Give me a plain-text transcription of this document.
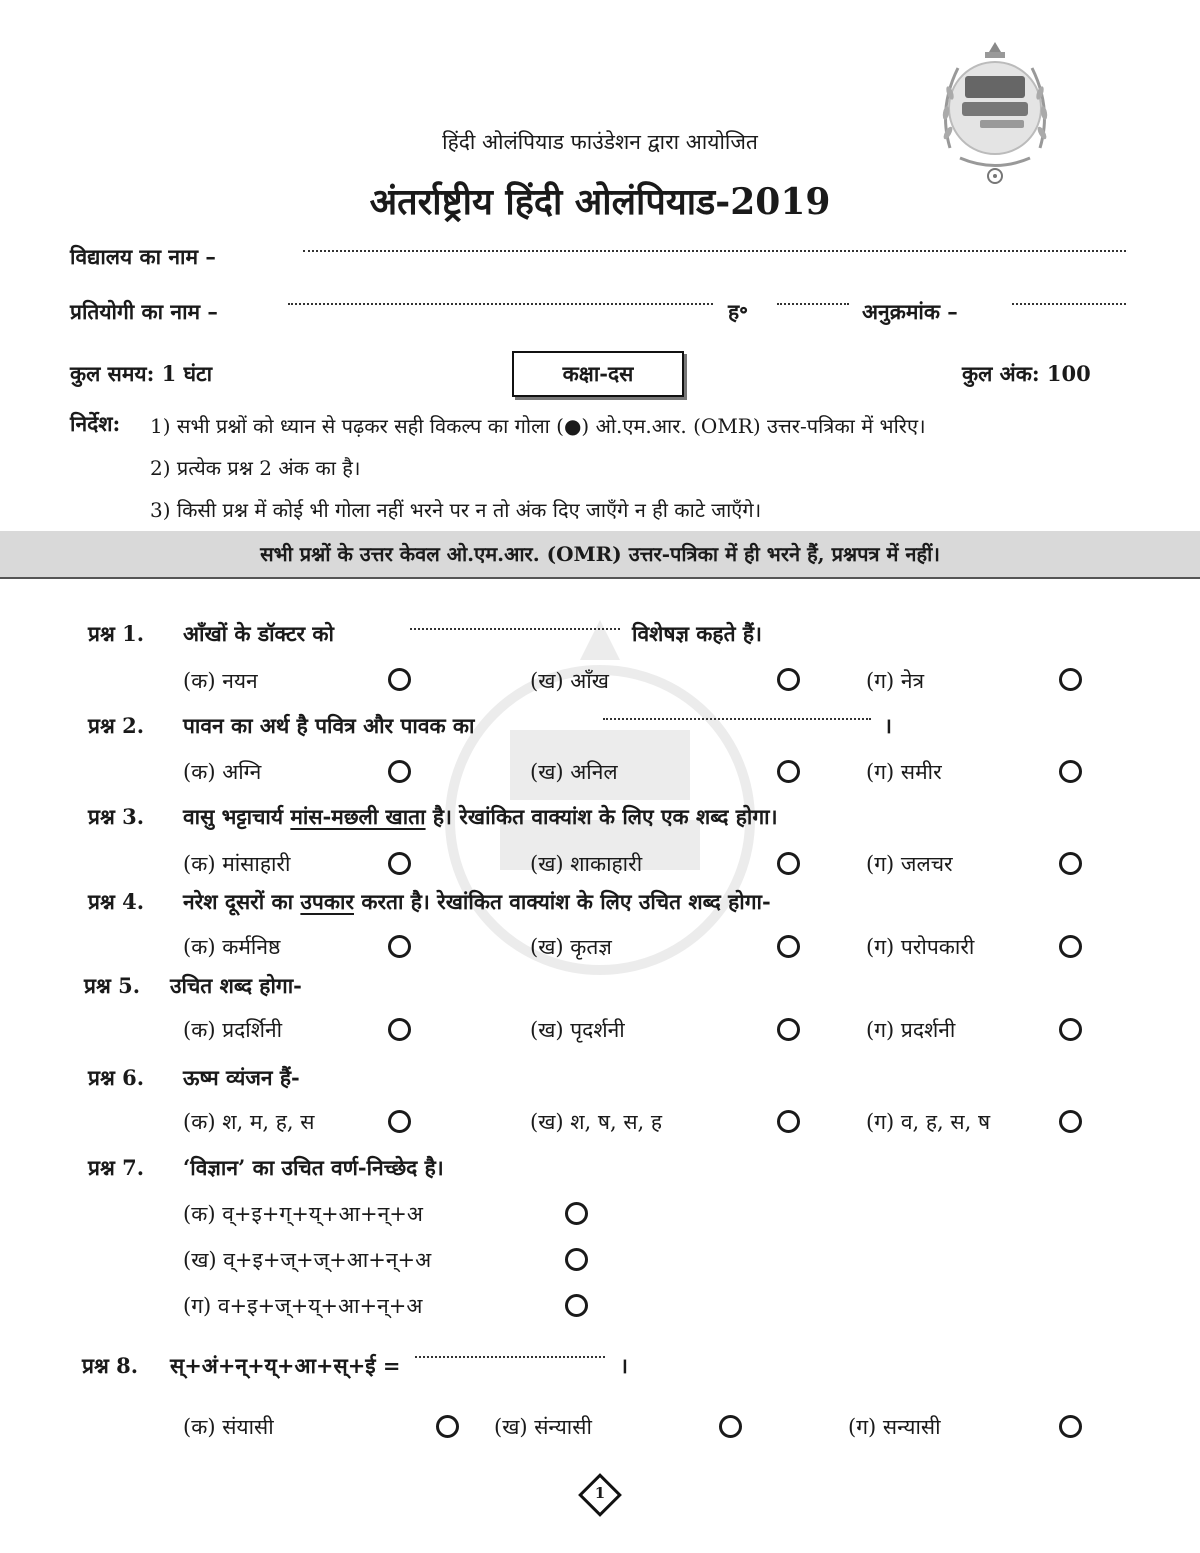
हिंदी ओलंपियाड फाउंडेशन द्वारा आयोजित
अंतर्राष्ट्रीय हिंदी ओलंपियाड-2019
विद्यालय का नाम –
प्रतियोगी का नाम –	ह॰	अनुक्रमांक –
कुल समय: 1 घंटा	कक्षा-दस	कुल अंक: 100
निर्देश: 1) सभी प्रश्नों को ध्यान से पढ़कर सही विकल्प का गोला (●) ओ.एम.आर. (OMR) उत्तर-पत्रिका में भरिए।
2) प्रत्येक प्रश्न 2 अंक का है।
3) किसी प्रश्न में कोई भी गोला नहीं भरने पर न तो अंक दिए जाएँगे न ही काटे जाएँगे।
सभी प्रश्नों के उत्तर केवल ओ.एम.आर. (OMR) उत्तर-पत्रिका में ही भरने हैं, प्रश्नपत्र में नहीं।
प्रश्न 1. आँखों के डॉक्टर को	विशेषज्ञ कहते हैं।
(क) नयन	(ख) आँख	(ग) नेत्र
प्रश्न 2. पावन का अर्थ है पवित्र और पावक का	।
(क) अग्नि	(ख) अनिल	(ग) समीर
प्रश्न 3. वासु भट्टाचार्य मांस-मछली खाता है। रेखांकित वाक्यांश के लिए एक शब्द होगा।
(क) मांसाहारी	(ख) शाकाहारी	(ग) जलचर
प्रश्न 4. नरेश दूसरों का उपकार करता है। रेखांकित वाक्यांश के लिए उचित शब्द होगा-
(क) कर्मनिष्ठ	(ख) कृतज्ञ	(ग) परोपकारी
प्रश्न 5. उचित शब्द होगा-
(क) प्रदर्शिनी	(ख) पृदर्शनी	(ग) प्रदर्शनी
प्रश्न 6. ऊष्म व्यंजन हैं-
(क) श, म, ह, स	(ख) श, ष, स, ह	(ग) व, ह, स, ष
प्रश्न 7. ‘विज्ञान’ का उचित वर्ण-निच्छेद है।
(क) व्+इ+ग्+य्+आ+न्+अ
(ख) व्+इ+ज्+ज्+आ+न्+अ
(ग) व+इ+ज्+य्+आ+न्+अ
प्रश्न 8. स्+अं+न्+य्+आ+स्+ई =	।
(क) संयासी	(ख) संन्यासी	(ग) सन्यासी
1
